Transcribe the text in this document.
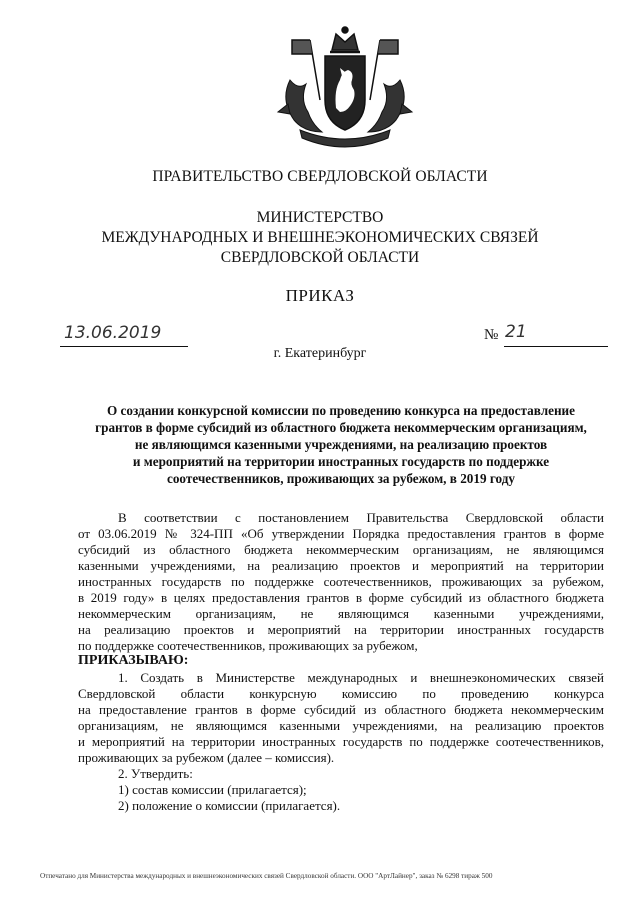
ПРАВИТЕЛЬСТВО СВЕРДЛОВСКОЙ ОБЛАСТИ
МИНИСТЕРСТВО
МЕЖДУНАРОДНЫХ И ВНЕШНЕЭКОНОМИЧЕСКИХ СВЯЗЕЙ
СВЕРДЛОВСКОЙ ОБЛАСТИ
ПРИКАЗ
13.06.2019	№ 21
г. Екатеринбург
О создании конкурсной комиссии по проведению конкурса на предоставление
грантов в форме субсидий из областного бюджета некоммерческим организациям,
не являющимся казенными учреждениями, на реализацию проектов
и мероприятий на территории иностранных государств по поддержке
соотечественников, проживающих за рубежом, в 2019 году
В соответствии с постановлением Правительства Свердловской области
от 03.06.2019 № 324-ПП «Об утверждении Порядка предоставления грантов в форме
субсидий из областного бюджета некоммерческим организациям, не являющимся
казенными учреждениями, на реализацию проектов и мероприятий на территории
иностранных государств по поддержке соотечественников, проживающих за рубежом,
в 2019 году» в целях предоставления грантов в форме субсидий из областного бюджета
некоммерческим организациям, не являющимся казенными учреждениями,
на реализацию проектов и мероприятий на территории иностранных государств
по поддержке соотечественников, проживающих за рубежом,
ПРИКАЗЫВАЮ:
1. Создать в Министерстве международных и внешнеэкономических связей
Свердловской области конкурсную комиссию по проведению конкурса
на предоставление грантов в форме субсидий из областного бюджета некоммерческим
организациям, не являющимся казенными учреждениями, на реализацию проектов
и мероприятий на территории иностранных государств по поддержке соотечественников,
проживающих за рубежом (далее – комиссия).
2. Утвердить:
1) состав комиссии (прилагается);
2) положение о комиссии (прилагается).
Отпечатано для Министерства международных и внешнеэкономических связей Свердловской области. ООО "АртЛайнер", заказ № 6298 тираж 500
